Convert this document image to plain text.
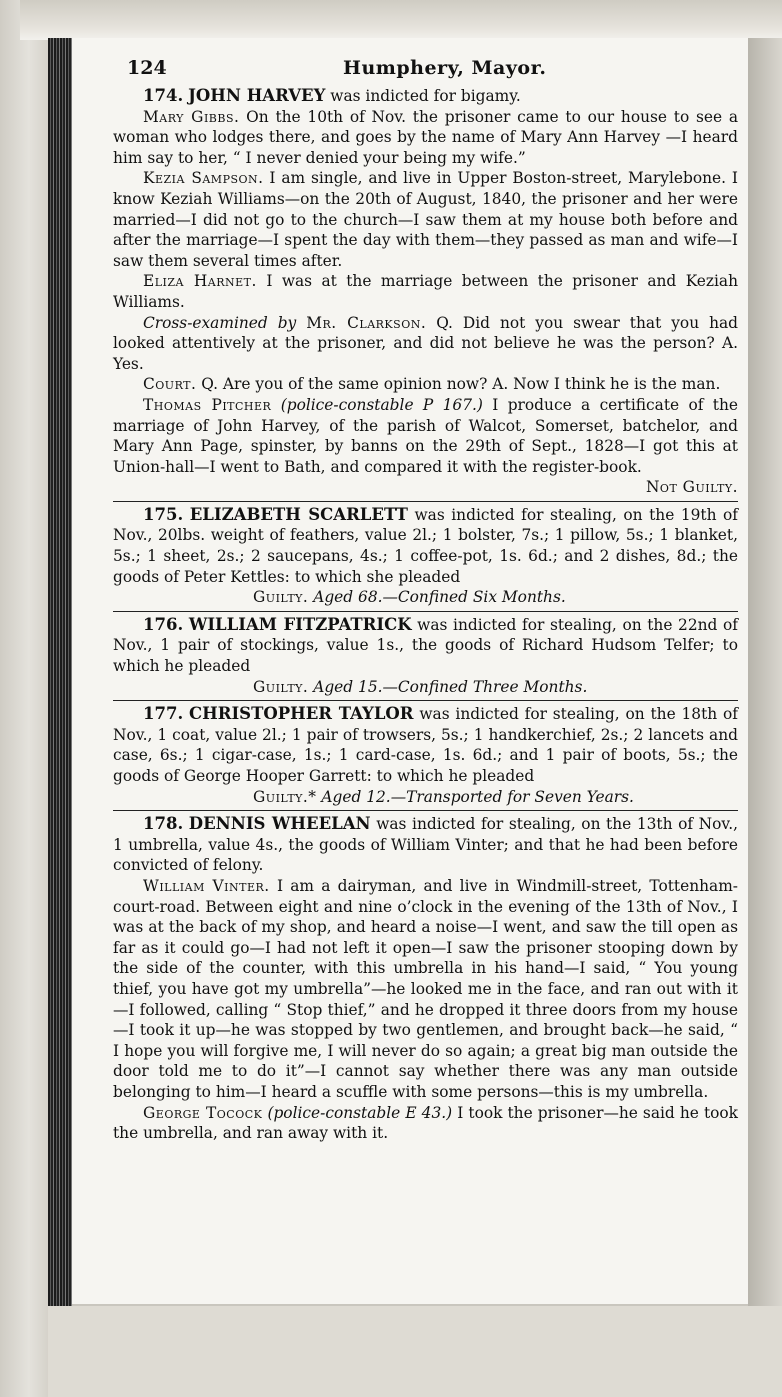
124	Humphery, Mayor.

174. JOHN HARVEY was indicted for bigamy.

Mary Gibbs. On the 10th of Nov. the prisoner came to our house to see a woman who lodges there, and goes by the name of Mary Ann Harvey —I heard him say to her, “ I never denied your being my wife.”

Kezia Sampson. I am single, and live in Upper Boston-street, Marylebone. I know Keziah Williams—on the 20th of August, 1840, the prisoner and her were married—I did not go to the church—I saw them at my house both before and after the marriage—I spent the day with them—they passed as man and wife—I saw them several times after.

Eliza Harnet. I was at the marriage between the prisoner and Keziah Williams.

Cross-examined by Mr. Clarkson. Q. Did not you swear that you had looked attentively at the prisoner, and did not believe he was the person? A. Yes.

Court. Q. Are you of the same opinion now? A. Now I think he is the man.

Thomas Pitcher (police-constable P 167.) I produce a certificate of the marriage of John Harvey, of the parish of Walcot, Somerset, batchelor, and Mary Ann Page, spinster, by banns on the 29th of Sept., 1828—I got this at Union-hall—I went to Bath, and compared it with the register-book.

Not Guilty.

175. ELIZABETH SCARLETT was indicted for stealing, on the 19th of Nov., 20lbs. weight of feathers, value 2l.; 1 bolster, 7s.; 1 pillow, 5s.; 1 blanket, 5s.; 1 sheet, 2s.; 2 saucepans, 4s.; 1 coffee-pot, 1s. 6d.; and 2 dishes, 8d.; the goods of Peter Kettles: to which she pleaded

Guilty. Aged 68.—Confined Six Months.

176. WILLIAM FITZPATRICK was indicted for stealing, on the 22nd of Nov., 1 pair of stockings, value 1s., the goods of Richard Hudsom Telfer; to which he pleaded

Guilty. Aged 15.—Confined Three Months.

177. CHRISTOPHER TAYLOR was indicted for stealing, on the 18th of Nov., 1 coat, value 2l.; 1 pair of trowsers, 5s.; 1 handkerchief, 2s.; 2 lancets and case, 6s.; 1 cigar-case, 1s.; 1 card-case, 1s. 6d.; and 1 pair of boots, 5s.; the goods of George Hooper Garrett: to which he pleaded

Guilty.* Aged 12.—Transported for Seven Years.

178. DENNIS WHEELAN was indicted for stealing, on the 13th of Nov., 1 umbrella, value 4s., the goods of William Vinter; and that he had been before convicted of felony.

William Vinter. I am a dairyman, and live in Windmill-street, Tottenham-court-road. Between eight and nine o’clock in the evening of the 13th of Nov., I was at the back of my shop, and heard a noise—I went, and saw the till open as far as it could go—I had not left it open—I saw the prisoner stooping down by the side of the counter, with this umbrella in his hand—I said, “ You young thief, you have got my umbrella”—he looked me in the face, and ran out with it—I followed, calling “ Stop thief,” and he dropped it three doors from my house—I took it up—he was stopped by two gentlemen, and brought back—he said, “ I hope you will forgive me, I will never do so again; a great big man outside the door told me to do it”—I cannot say whether there was any man outside belonging to him—I heard a scuffle with some persons—this is my umbrella.

George Tocock (police-constable E 43.) I took the prisoner—he said he took the umbrella, and ran away with it.
